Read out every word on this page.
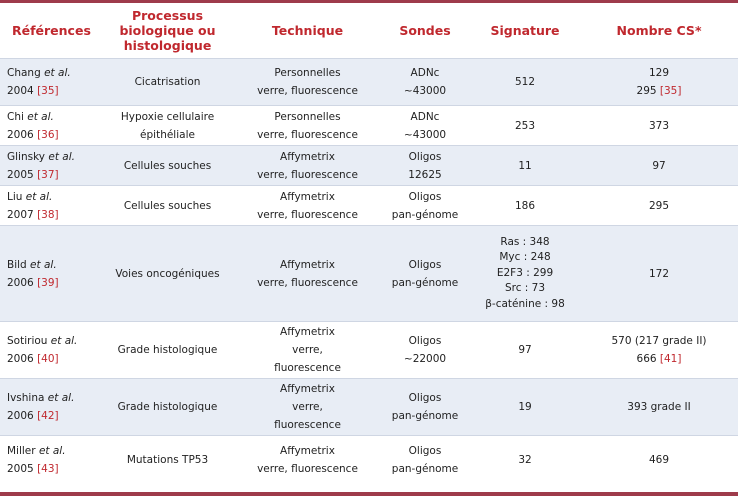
Références	Processus
biologique ou
histologique	Technique	Sondes	Signature	Nombre CS*

Chang et al.
2004 [35]	Cicatrisation	Personnelles
verre, fluorescence	ADNc
~43000	512	129
295 [35]

Chi et al.
2006 [36]	Hypoxie cellulaire
épithéliale	Personnelles
verre, fluorescence	ADNc
~43000	253	373

Glinsky et al.
2005 [37]	Cellules souches	Affymetrix
verre, fluorescence	Oligos
12625	11	97

Liu et al.
2007 [38]	Cellules souches	Affymetrix
verre, fluorescence	Oligos
pan-génome	186	295

Bild et al.
2006 [39]	Voies oncogéniques	Affymetrix
verre, fluorescence	Oligos
pan-génome	Ras : 348
Myc : 248
E2F3 : 299
Src : 73
β-caténine : 98	172

Sotiriou et al.
2006 [40]	Grade histologique	Affymetrix
verre,
fluorescence	Oligos
~22000	97	570 (217 grade II)
666 [41]

Ivshina et al.
2006 [42]	Grade histologique	Affymetrix
verre,
fluorescence	Oligos
pan-génome	19	393 grade II

Miller et al.
2005 [43]	Mutations TP53	Affymetrix
verre, fluorescence	Oligos
pan-génome	32	469
